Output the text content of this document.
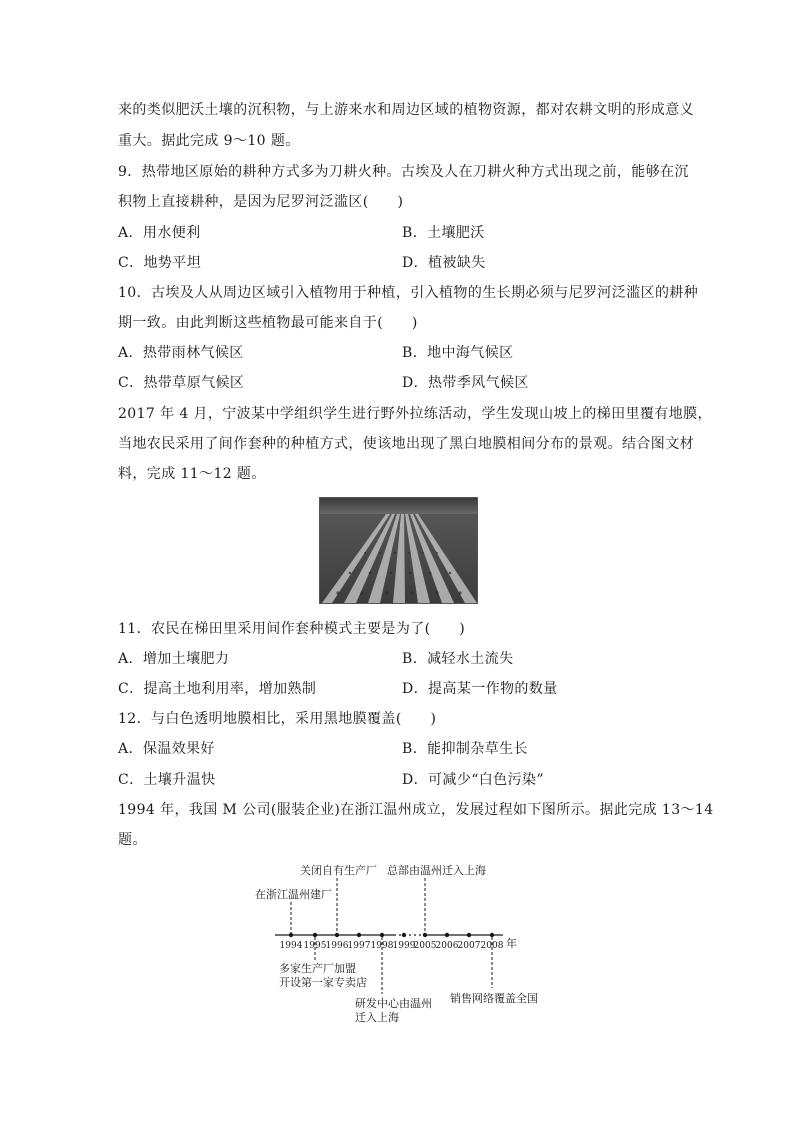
来的类似肥沃土壤的沉积物，与上游来水和周边区域的植物资源，都对农耕文明的形成意义
重大。据此完成 9～10 题。
9．热带地区原始的耕种方式多为刀耕火种。古埃及人在刀耕火种方式出现之前，能够在沉
积物上直接耕种，是因为尼罗河泛滥区(　　)
A．用水便利	B．土壤肥沃
C．地势平坦	D．植被缺失
10．古埃及人从周边区域引入植物用于种植，引入植物的生长期必须与尼罗河泛滥区的耕种
期一致。由此判断这些植物最可能来自于(　　)
A．热带雨林气候区	B．地中海气候区
C．热带草原气候区	D．热带季风气候区
2017 年 4 月，宁波某中学组织学生进行野外拉练活动，学生发现山坡上的梯田里覆有地膜，
当地农民采用了间作套种的种植方式，使该地出现了黑白地膜相间分布的景观。结合图文材
料，完成 11～12 题。
11．农民在梯田里采用间作套种模式主要是为了(　　)
A．增加土壤肥力	B．减轻水土流失
C．提高土地利用率，增加熟制	D．提高某一作物的数量
12．与白色透明地膜相比，采用黑地膜覆盖(　　)
A．保温效果好	B．能抑制杂草生长
C．土壤升温快	D．可减少“白色污染”
1994 年，我国 M 公司(服装企业)在浙江温州成立，发展过程如下图所示。据此完成 13～14
题。
关闭自有生产厂 总部由温州迁入上海
在浙江温州建厂
1994 1995 1996 1997 1998 1999
2005 2006 2007 2008 年
多家生产厂加盟
开设第一家专卖店
研发中心由温州
迁入上海
销售网络覆盖全国
